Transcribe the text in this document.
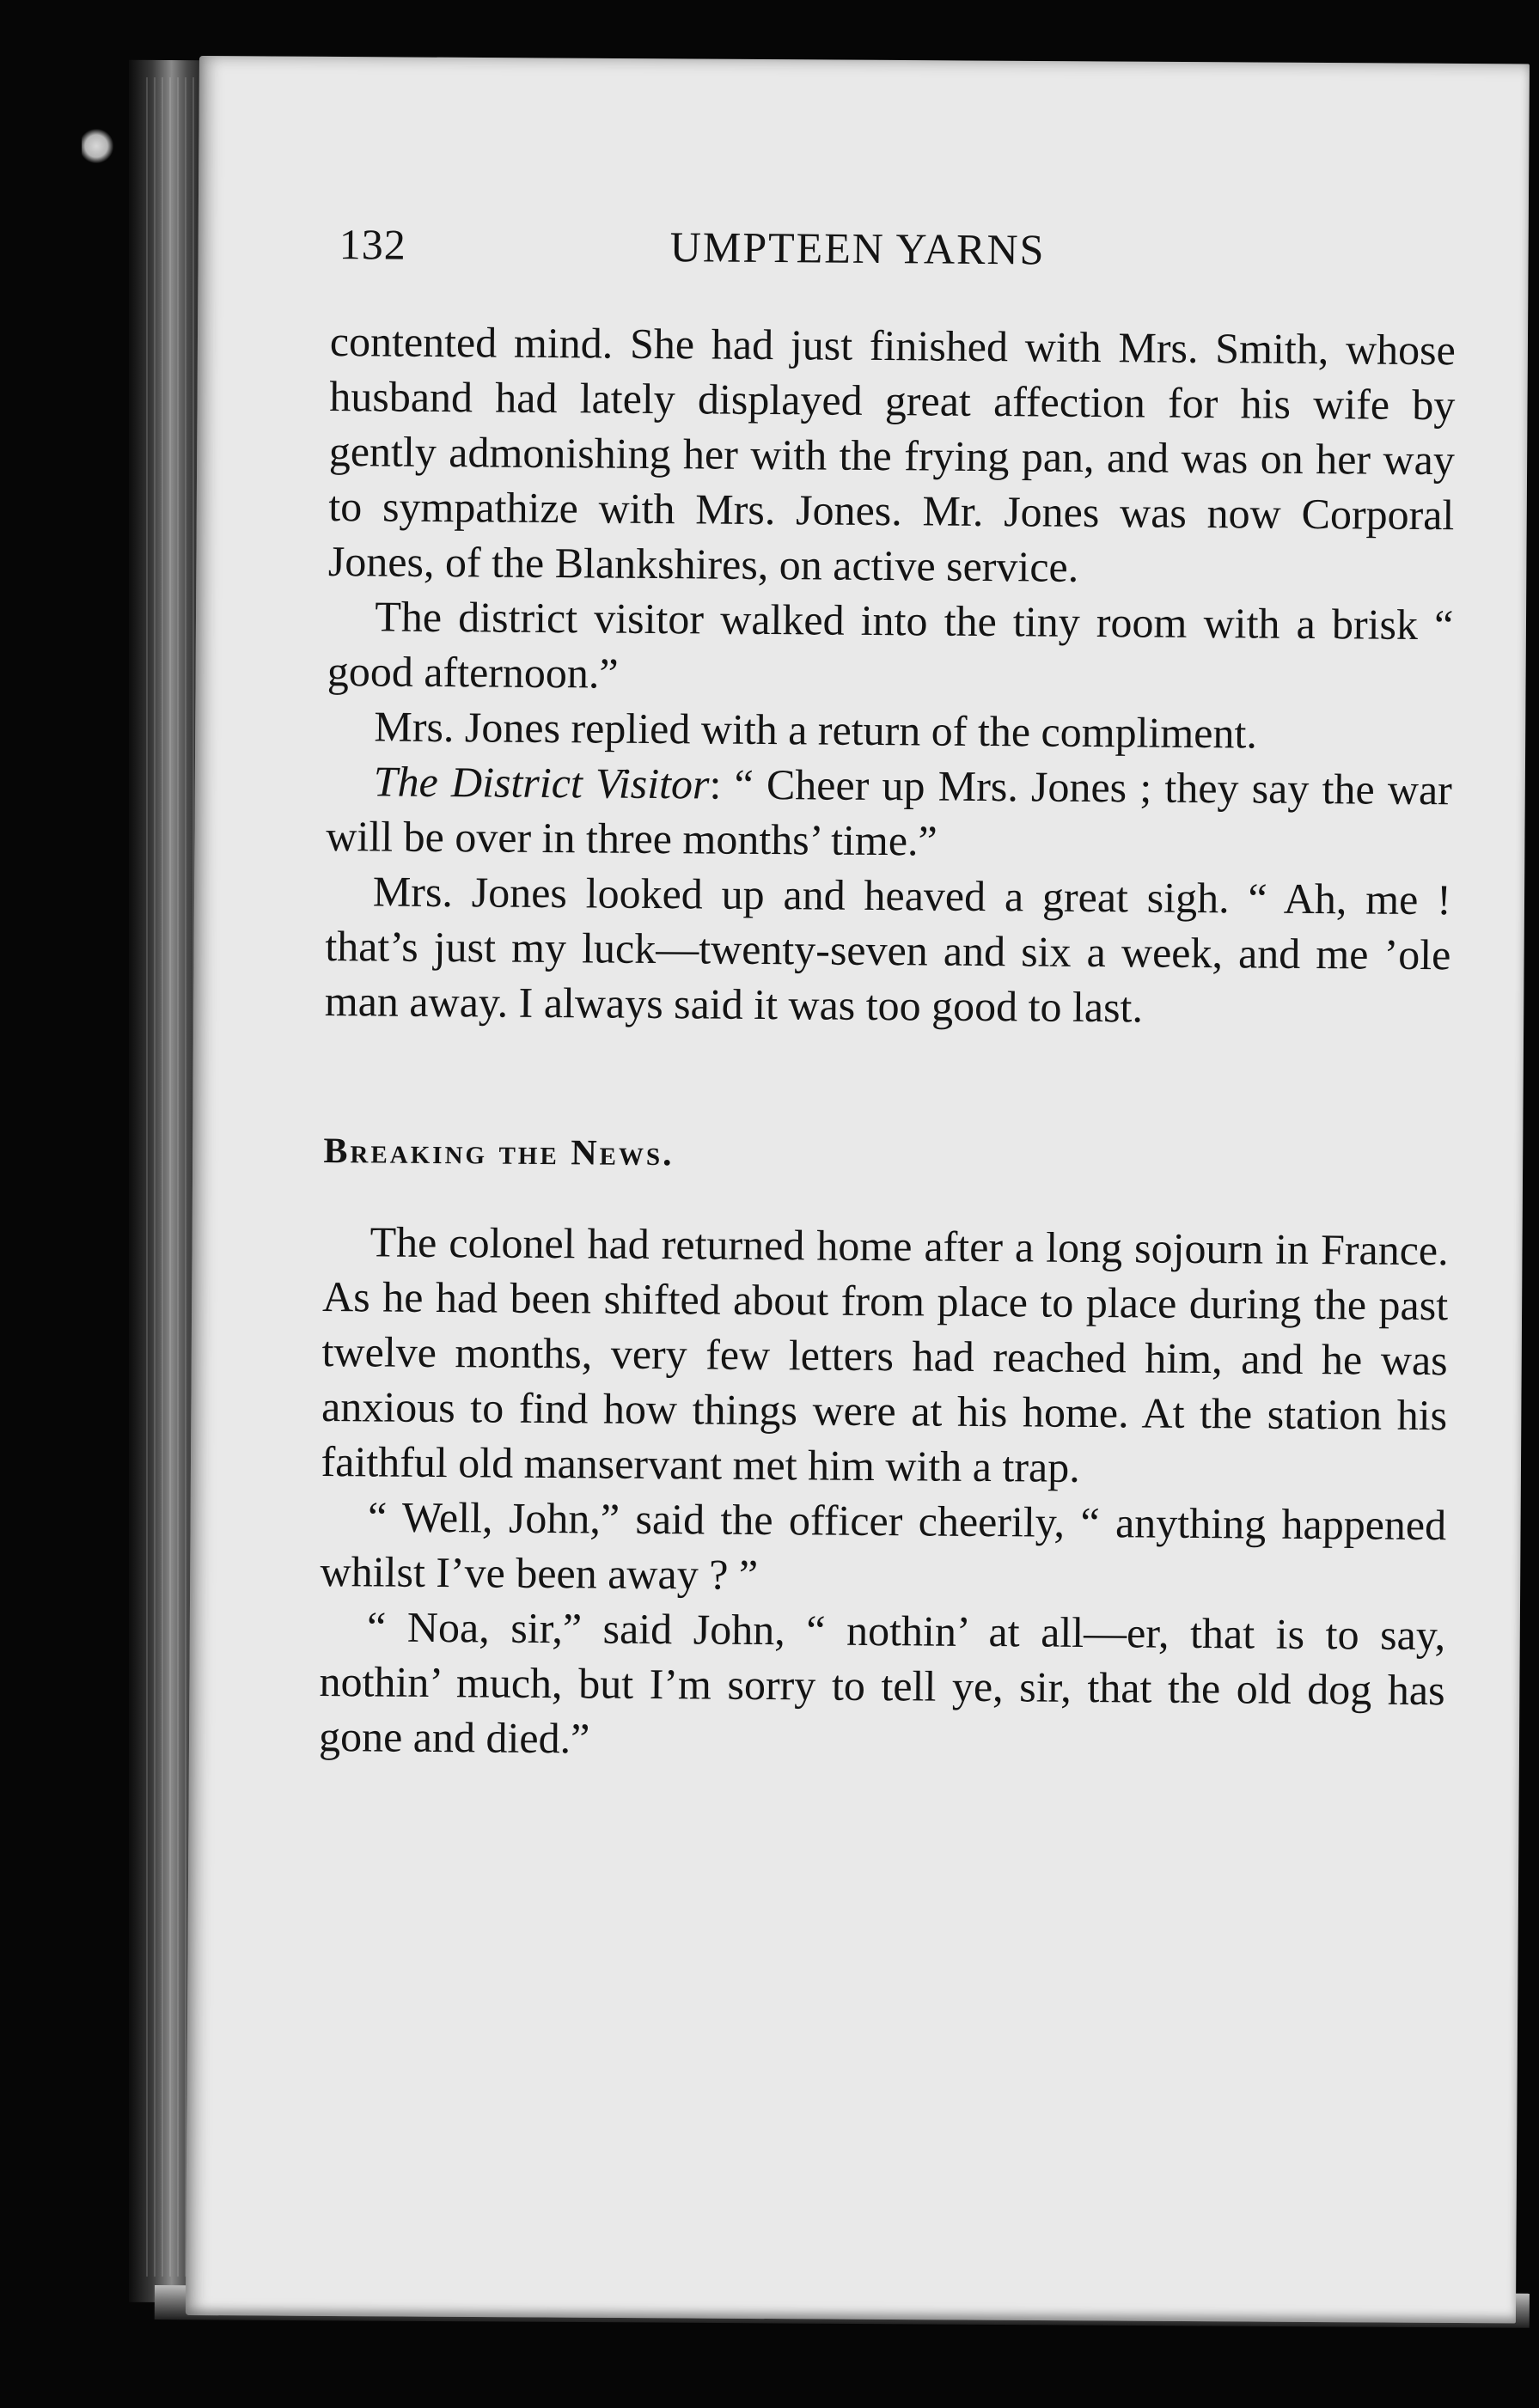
132	UMPTEEN YARNS

contented mind. She had just finished with Mrs. Smith, whose husband had lately displayed great affection for his wife by gently admonishing her with the frying pan, and was on her way to sympathize with Mrs. Jones. Mr. Jones was now Corporal Jones, of the Blankshires, on active service.

The district visitor walked into the tiny room with a brisk “ good afternoon.”

Mrs. Jones replied with a return of the compliment.

The District Visitor: “ Cheer up Mrs. Jones ; they say the war will be over in three months’ time.”

Mrs. Jones looked up and heaved a great sigh. “ Ah, me ! that’s just my luck—twenty-seven and six a week, and me ’ole man away. I always said it was too good to last.

Breaking the News.

The colonel had returned home after a long sojourn in France. As he had been shifted about from place to place during the past twelve months, very few letters had reached him, and he was anxious to find how things were at his home. At the station his faithful old manservant met him with a trap.

“ Well, John,” said the officer cheerily, “ anything happened whilst I’ve been away ? ”

“ Noa, sir,” said John, “ nothin’ at all—er, that is to say, nothin’ much, but I’m sorry to tell ye, sir, that the old dog has gone and died.”
